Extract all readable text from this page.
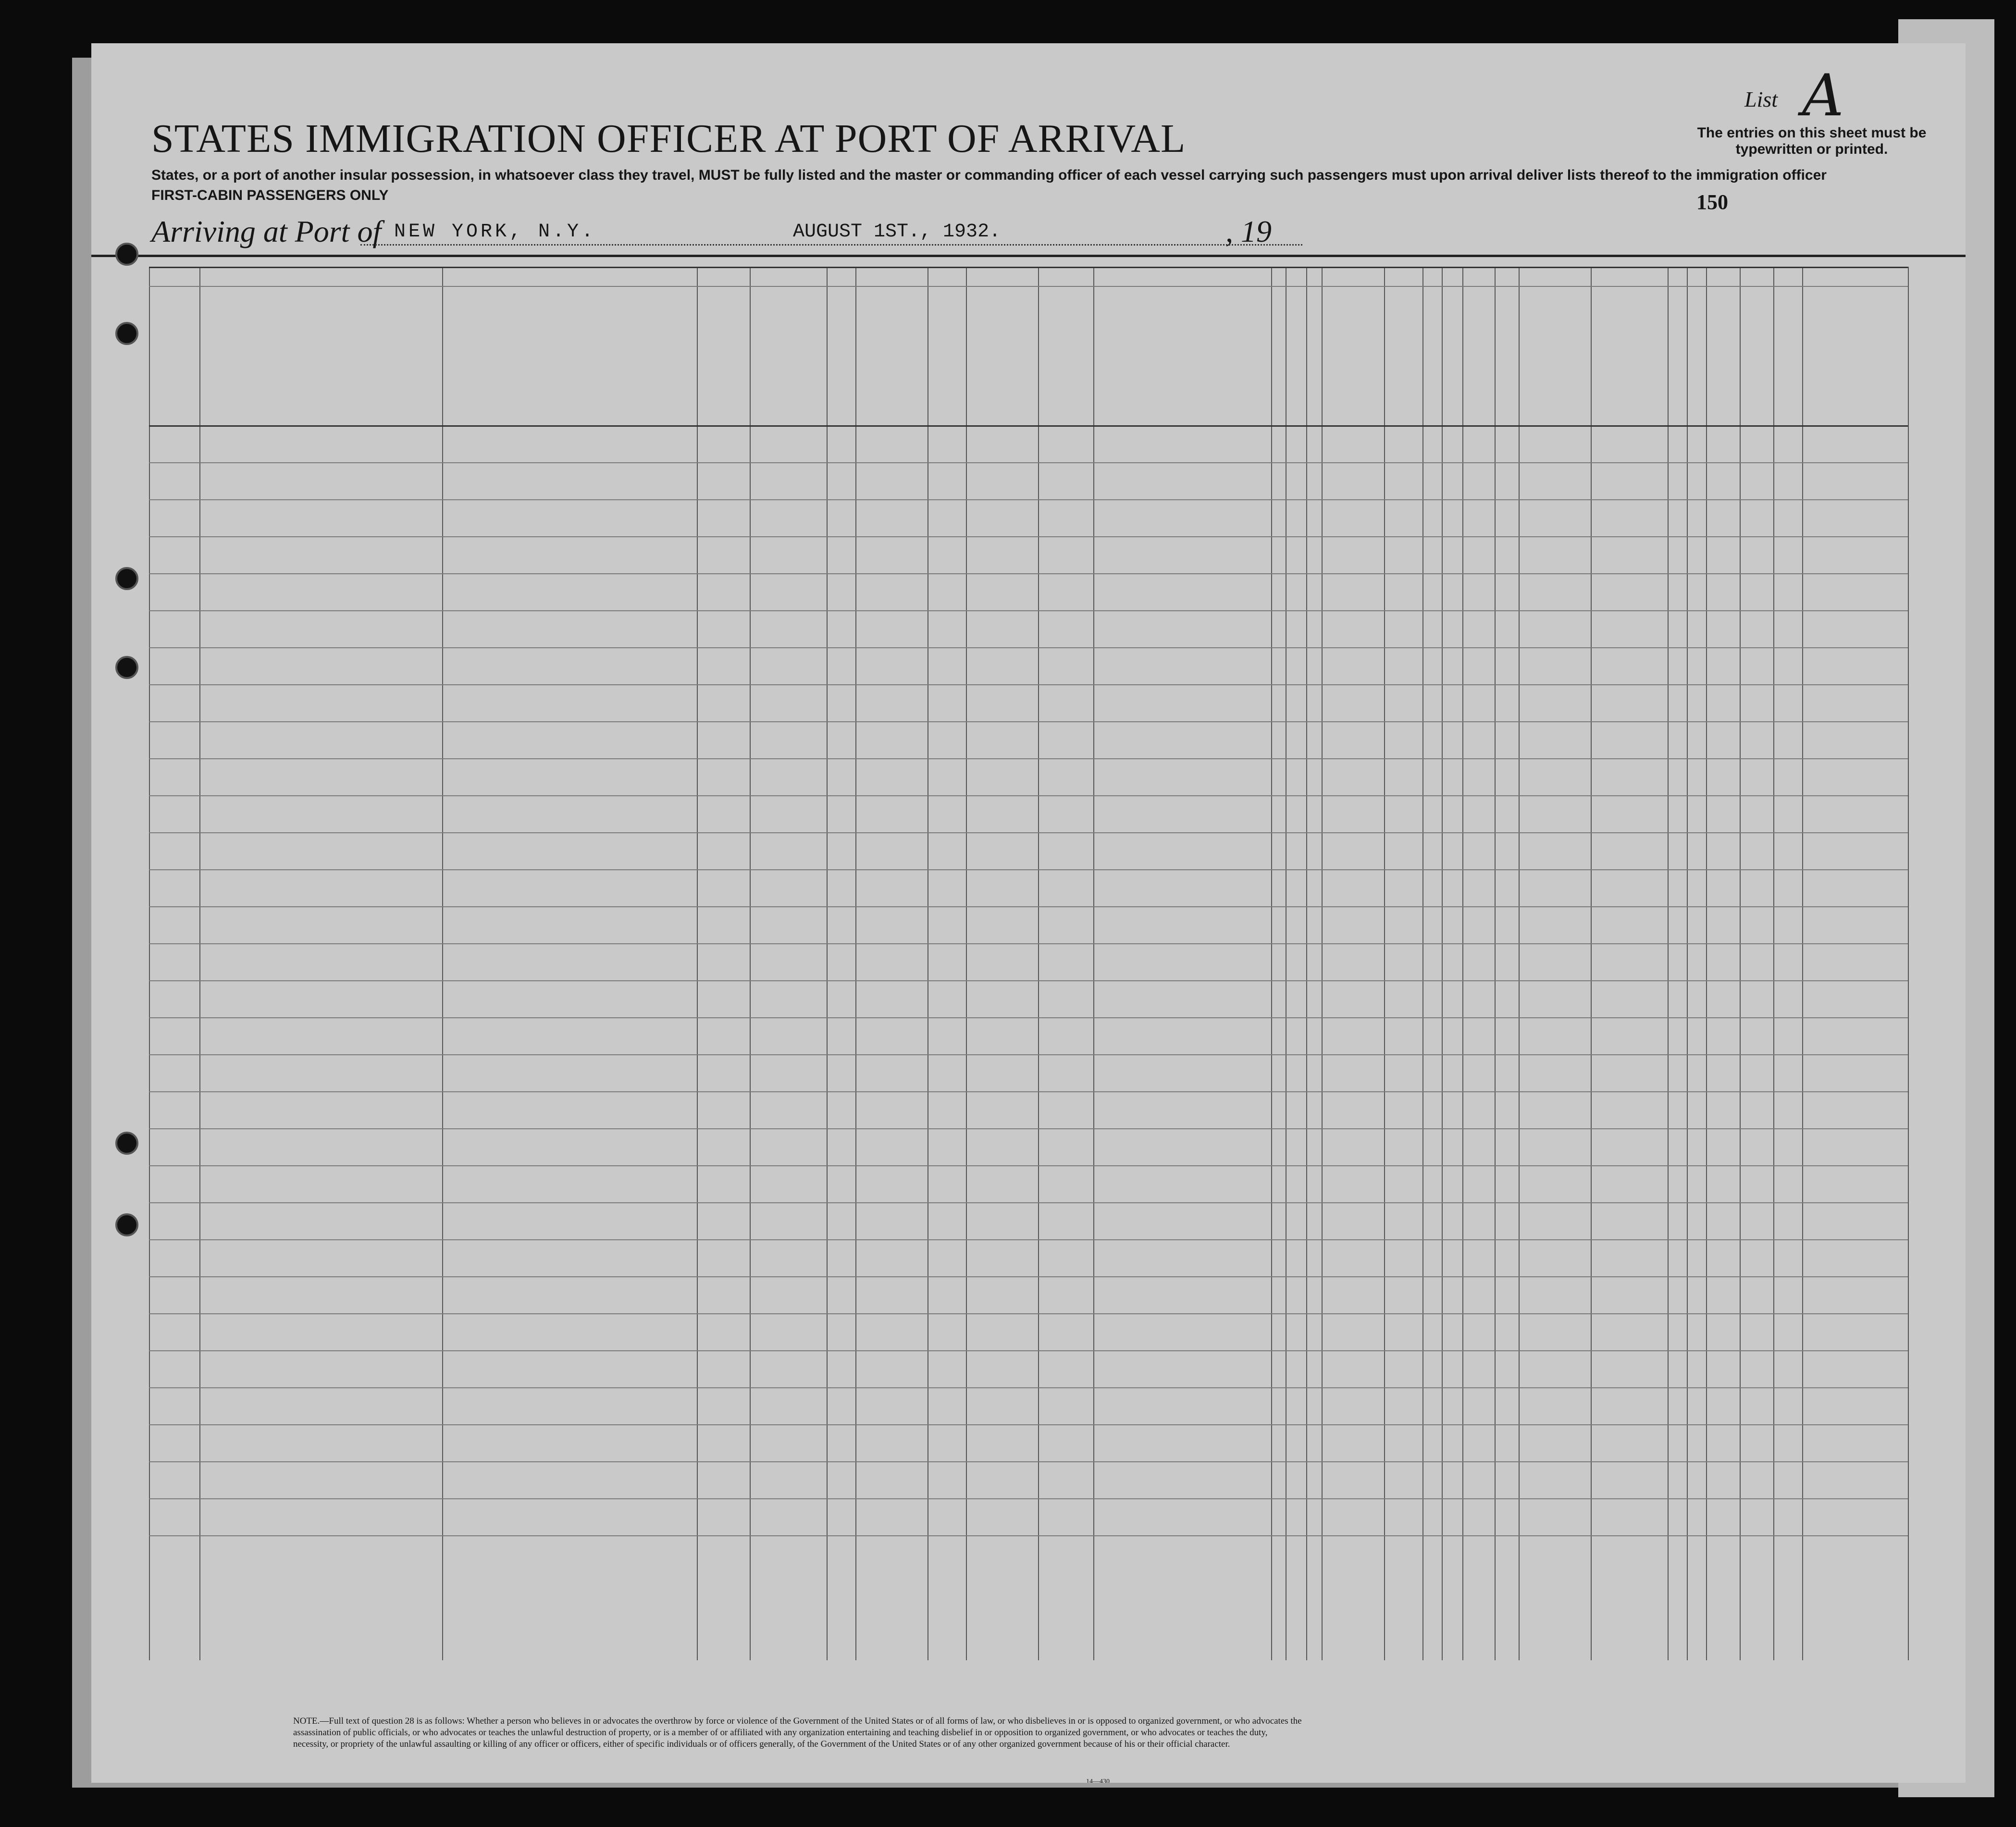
STATES IMMIGRATION OFFICER AT PORT OF ARRIVAL
States, or a port of another insular possession, in whatsoever class they travel, MUST be fully listed and the master or commanding officer of each vessel carrying such passengers must upon arrival deliver lists thereof to the immigration officer
FIRST-CABIN PASSENGERS ONLY
List A
The entries on this sheet must be typewritten or printed.
150
Arriving at Port of NEW YORK, N.Y.	AUGUST 1ST., 1932.	, 19
NOTE.—Full text of question 28 is as follows: Whether a person who believes in or advocates the overthrow by force or violence of the Government of the United States or of all forms of law, or who disbelieves in or is opposed to organized government, or who advocates the assassination of public officials, or who advocates or teaches the unlawful destruction of property, or is a member of or affiliated with any organization entertaining and teaching disbelief in or opposition to organized government, or who advocates or teaches the duty, necessity, or propriety of the unlawful assaulting or killing of any officer or officers, either of specific individuals or of officers generally, of the Government of the United States or of any other organized government because of his or their official character.
14—430
